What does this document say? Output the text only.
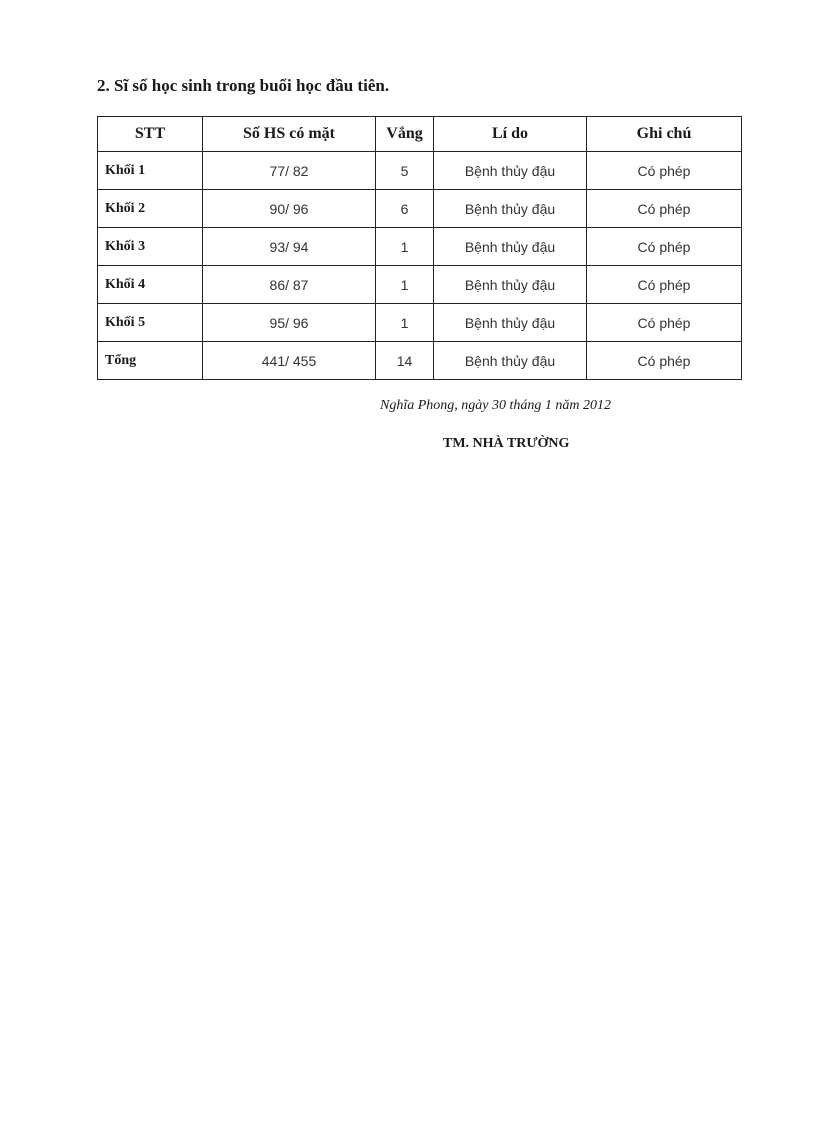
2. Sĩ số học sinh trong buổi học đầu tiên.

STT	Số HS có mặt	Vắng	Lí do	Ghi chú
Khối 1	77/ 82	5	Bệnh thủy đậu	Có phép
Khối 2	90/ 96	6	Bệnh thủy đậu	Có phép
Khối 3	93/ 94	1	Bệnh thủy đậu	Có phép
Khối 4	86/ 87	1	Bệnh thủy đậu	Có phép
Khối 5	95/ 96	1	Bệnh thủy đậu	Có phép
Tổng	441/ 455	14	Bệnh thủy đậu	Có phép

Nghĩa Phong, ngày 30 tháng 1 năm 2012

TM. NHÀ TRƯỜNG
